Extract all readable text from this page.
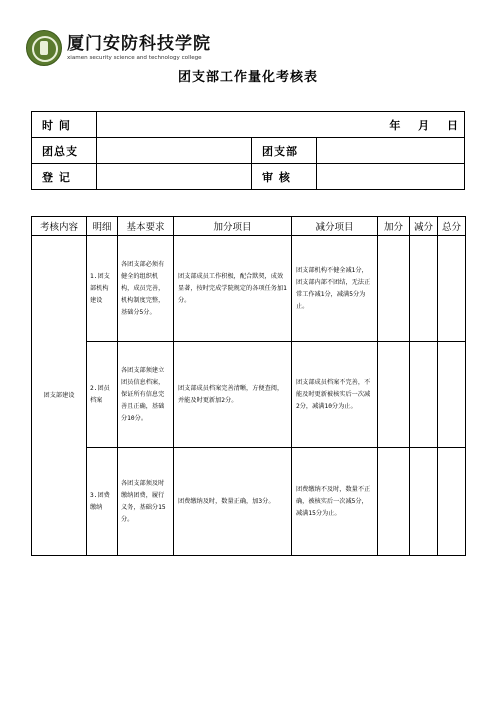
厦门安防科技学院
xiamen security science and technology college
团支部工作量化考核表
时 间	年 月 日		
团总支		团支部	
登 记		审 核	
考核内容	明细	基本要求	加分项目	减分项目	加分	减分	总分
团支部建设	1.团支部机构建设	各团支部必须有健全的组织机构，成员完善，机构制度完整，基础分5分。	团支部成员工作积极，配合默契，成效显著，按时完成学院规定的各项任务加1分。	团支部机构不健全减1分，团支部内部不团结，无法正常工作减1分，减满5分为止。			
	2.团员档案	各团支部须建立团员信息档案，保证所有信息完善且正确，基础分10分。	团支部成员档案完善清晰，方便查阅，并能及时更新加2分。	团支部成员档案不完善，不能及时更新被核实后一次减2分，减满10分为止。			
	3.团费缴纳	各团支部须及时缴纳团费，履行义务，基础分15分。	团费缴纳及时，数量正确，加3分。	团费缴纳不及时，数量不正确，被核实后一次减5分，减满15分为止。			
